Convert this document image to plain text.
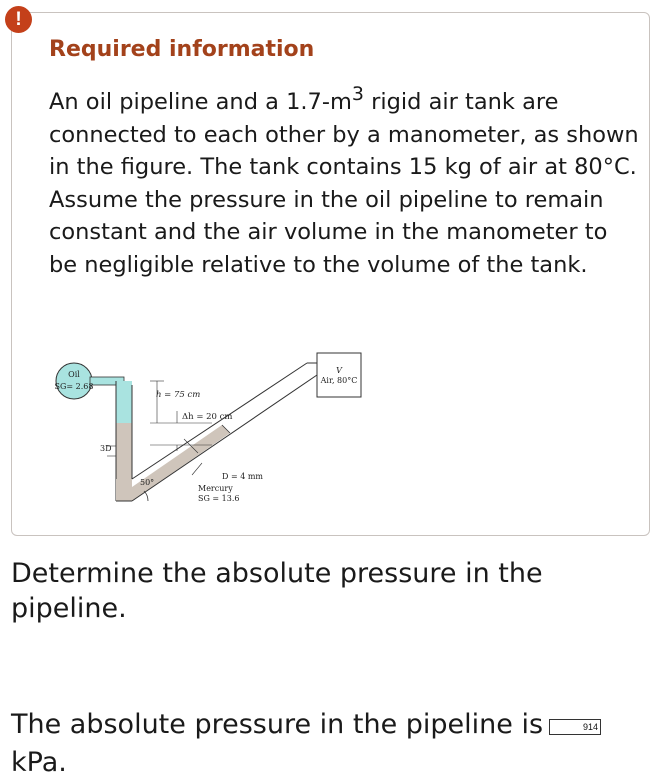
!
Required information

An oil pipeline and a $1.7-m^3$ rigid air tank are connected to each other by a manometer, as shown in the figure. The tank contains 15 kg of air at 80°C. Assume the pressure in the oil pipeline to remain constant and the air volume in the manometer to be negligible relative to the volume of the tank.

Oil
SG= 2.68
h = 75 cm
Δh = 20 cm
3D
50°
D = 4 mm
Mercury
SG = 13.6
V
Air, 80°C

Determine the absolute pressure in the pipeline.

The absolute pressure in the pipeline is	914
kPa.
